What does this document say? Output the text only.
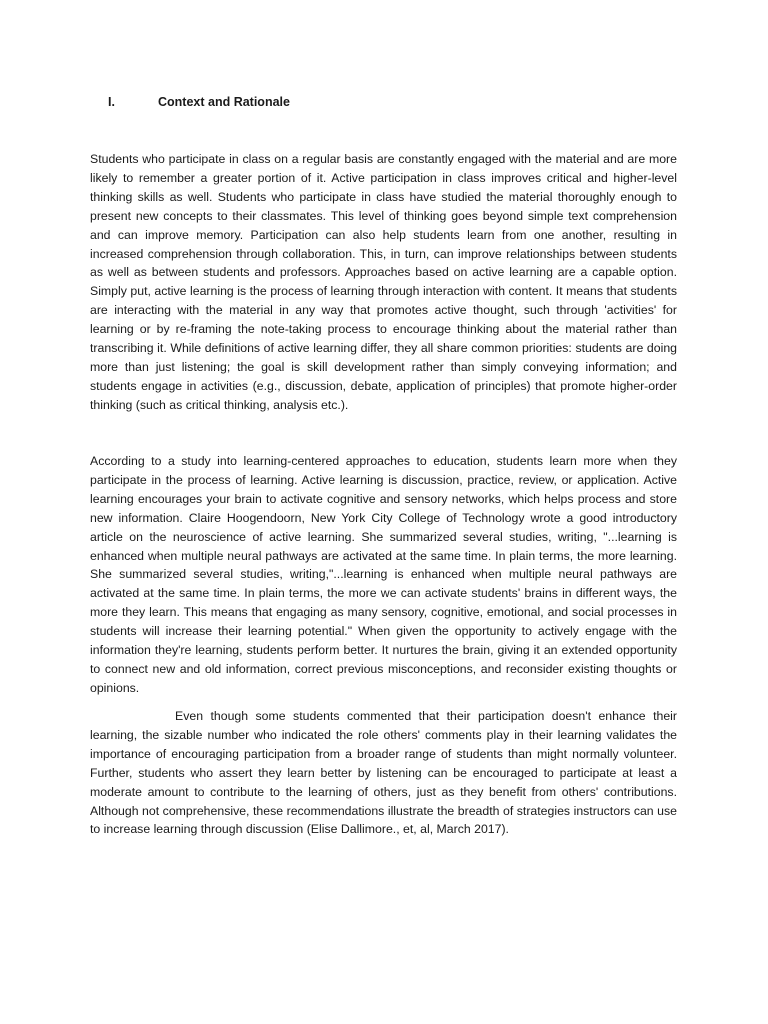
I.	Context and Rationale

Students who participate in class on a regular basis are constantly engaged with the material and are more likely to remember a greater portion of it. Active participation in class improves critical and higher-level thinking skills as well. Students who participate in class have studied the material thoroughly enough to present new concepts to their classmates. This level of thinking goes beyond simple text comprehension and can improve memory. Participation can also help students learn from one another, resulting in increased comprehension through collaboration. This, in turn, can improve relationships between students as well as between students and professors. Approaches based on active learning are a capable option. Simply put, active learning is the process of learning through interaction with content. It means that students are interacting with the material in any way that promotes active thought, such through 'activities' for learning or by re-framing the note-taking process to encourage thinking about the material rather than transcribing it. While definitions of active learning differ, they all share common priorities: students are doing more than just listening; the goal is skill development rather than simply conveying information; and students engage in activities (e.g., discussion, debate, application of principles) that promote higher-order thinking (such as critical thinking, analysis etc.).

According to a study into learning-centered approaches to education, students learn more when they participate in the process of learning. Active learning is discussion, practice, review, or application. Active learning encourages your brain to activate cognitive and sensory networks, which helps process and store new information. Claire Hoogendoorn, New York City College of Technology wrote a good introductory article on the neuroscience of active learning. She summarized several studies, writing, "...learning is enhanced when multiple neural pathways are activated at the same time. In plain terms, the more learning. She summarized several studies, writing,"...learning is enhanced when multiple neural pathways are activated at the same time. In plain terms, the more we can activate students' brains in different ways, the more they learn. This means that engaging as many sensory, cognitive, emotional, and social processes in students will increase their learning potential." When given the opportunity to actively engage with the information they're learning, students perform better. It nurtures the brain, giving it an extended opportunity to connect new and old information, correct previous misconceptions, and reconsider existing thoughts or opinions.

Even though some students commented that their participation doesn't enhance their learning, the sizable number who indicated the role others' comments play in their learning validates the importance of encouraging participation from a broader range of students than might normally volunteer. Further, students who assert they learn better by listening can be encouraged to participate at least a moderate amount to contribute to the learning of others, just as they benefit from others' contributions. Although not comprehensive, these recommendations illustrate the breadth of strategies instructors can use to increase learning through discussion (Elise Dallimore., et, al, March 2017).
